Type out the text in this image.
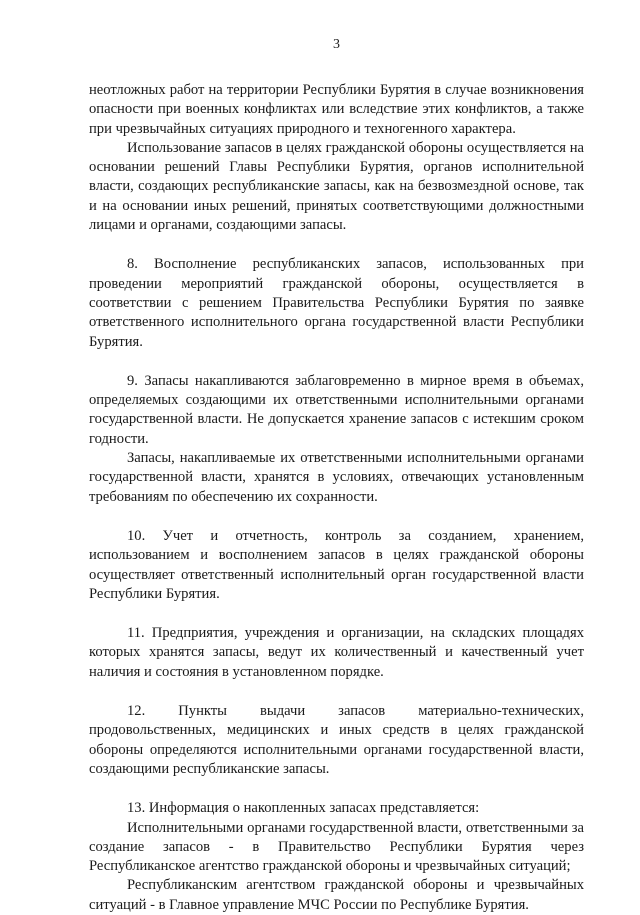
3

неотложных работ на территории Республики Бурятия в случае возникновения опасности при военных конфликтах или вследствие этих конфликтов, а также при чрезвычайных ситуациях природного и техногенного характера.

Использование запасов в целях гражданской обороны осуществляется на основании решений Главы Республики Бурятия, органов исполнительной власти, создающих республиканские запасы, как на безвозмездной основе, так и на основании иных решений, принятых соответствующими должностными лицами и органами, создающими запасы.

8. Восполнение республиканских запасов, использованных при проведении мероприятий гражданской обороны, осуществляется в соответствии с решением Правительства Республики Бурятия по заявке ответственного исполнительного органа государственной власти Республики Бурятия.

9. Запасы накапливаются заблаговременно в мирное время в объемах, определяемых создающими их ответственными исполнительными органами государственной власти. Не допускается хранение запасов с истекшим сроком годности.

Запасы, накапливаемые их ответственными исполнительными органами государственной власти, хранятся в условиях, отвечающих установленным требованиям по обеспечению их сохранности.

10. Учет и отчетность, контроль за созданием, хранением, использованием и восполнением запасов в целях гражданской обороны осуществляет ответственный исполнительный орган государственной власти Республики Бурятия.

11. Предприятия, учреждения и организации, на складских площадях которых хранятся запасы, ведут их количественный и качественный учет наличия и состояния в установленном порядке.

12. Пункты выдачи запасов материально-технических, продовольственных, медицинских и иных средств в целях гражданской обороны определяются исполнительными органами государственной власти, создающими республиканские запасы.

13. Информация о накопленных запасах представляется:

Исполнительными органами государственной власти, ответственными за создание запасов - в Правительство Республики Бурятия через Республиканское агентство гражданской обороны и чрезвычайных ситуаций;

Республиканским агентством гражданской обороны и чрезвычайных ситуаций - в Главное управление МЧС России по Республике Бурятия.
